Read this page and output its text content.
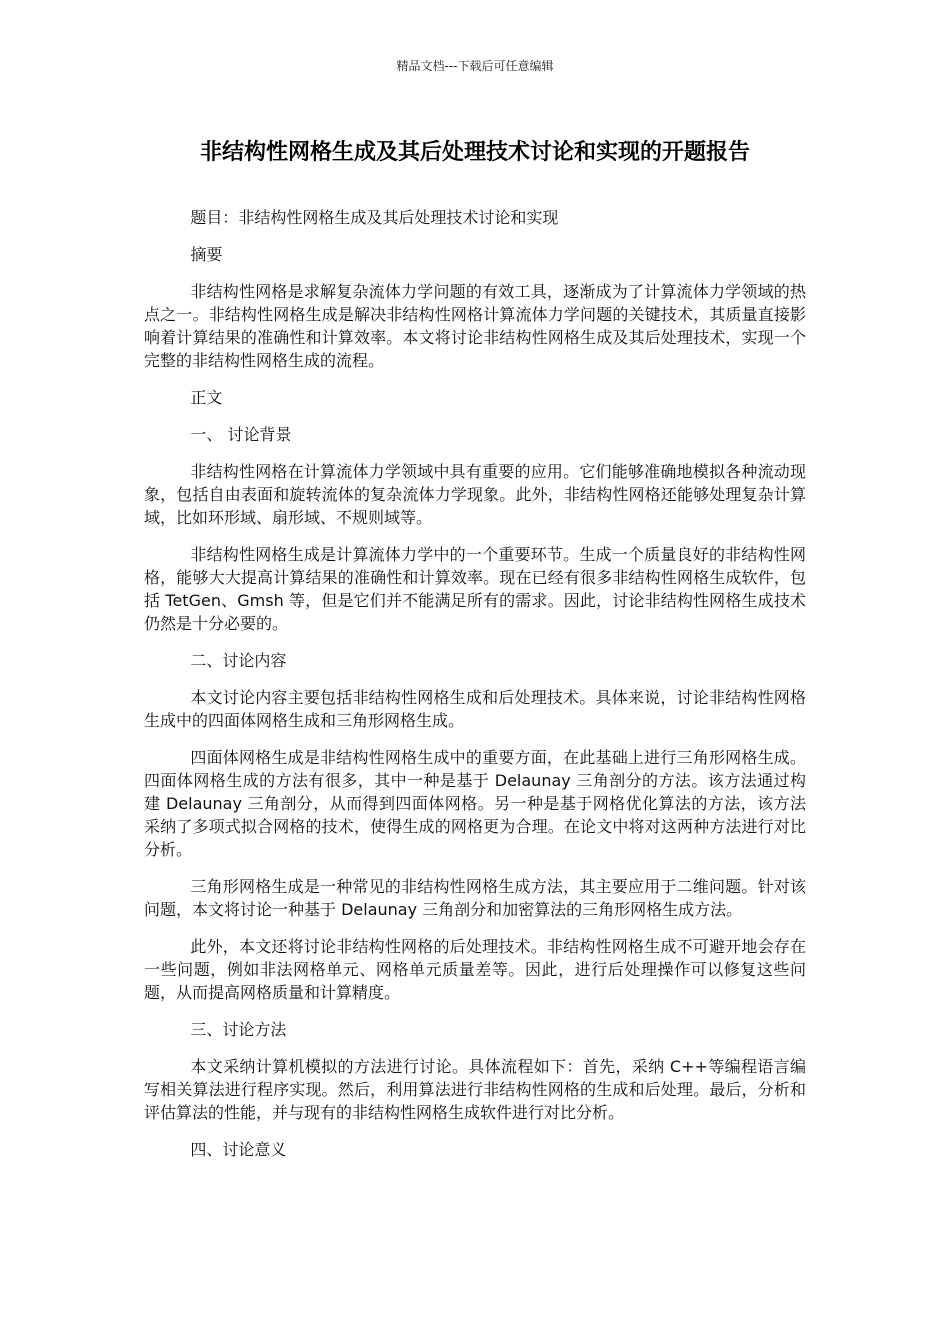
精品文档---下载后可任意编辑
非结构性网格生成及其后处理技术讨论和实现的开题报告
题目：非结构性网格生成及其后处理技术讨论和实现
摘要

非结构性网格是求解复杂流体力学问题的有效工具，逐渐成为了计算流体力学领域的热点之一。非结构性网格生成是解决非结构性网格计算流体力学问题的关键技术，其质量直接影响着计算结果的准确性和计算效率。本文将讨论非结构性网格生成及其后处理技术，实现一个完整的非结构性网格生成的流程。

正文
一、 讨论背景

非结构性网格在计算流体力学领域中具有重要的应用。它们能够准确地模拟各种流动现象，包括自由表面和旋转流体的复杂流体力学现象。此外，非结构性网格还能够处理复杂计算域，比如环形域、扇形域、不规则域等。

非结构性网格生成是计算流体力学中的一个重要环节。生成一个质量良好的非结构性网格，能够大大提高计算结果的准确性和计算效率。现在已经有很多非结构性网格生成软件，包括 TetGen、Gmsh 等，但是它们并不能满足所有的需求。因此，讨论非结构性网格生成技术仍然是十分必要的。

二、讨论内容

本文讨论内容主要包括非结构性网格生成和后处理技术。具体来说，讨论非结构性网格生成中的四面体网格生成和三角形网格生成。

四面体网格生成是非结构性网格生成中的重要方面，在此基础上进行三角形网格生成。四面体网格生成的方法有很多，其中一种是基于 Delaunay 三角剖分的方法。该方法通过构建 Delaunay 三角剖分，从而得到四面体网格。另一种是基于网格优化算法的方法，该方法采纳了多项式拟合网格的技术，使得生成的网格更为合理。在论文中将对这两种方法进行对比分析。

三角形网格生成是一种常见的非结构性网格生成方法，其主要应用于二维问题。针对该问题，本文将讨论一种基于 Delaunay 三角剖分和加密算法的三角形网格生成方法。

此外，本文还将讨论非结构性网格的后处理技术。非结构性网格生成不可避开地会存在一些问题，例如非法网格单元、网格单元质量差等。因此，进行后处理操作可以修复这些问题，从而提高网格质量和计算精度。

三、讨论方法

本文采纳计算机模拟的方法进行讨论。具体流程如下：首先，采纳 C++等编程语言编写相关算法进行程序实现。然后，利用算法进行非结构性网格的生成和后处理。最后，分析和评估算法的性能，并与现有的非结构性网格生成软件进行对比分析。

四、讨论意义
